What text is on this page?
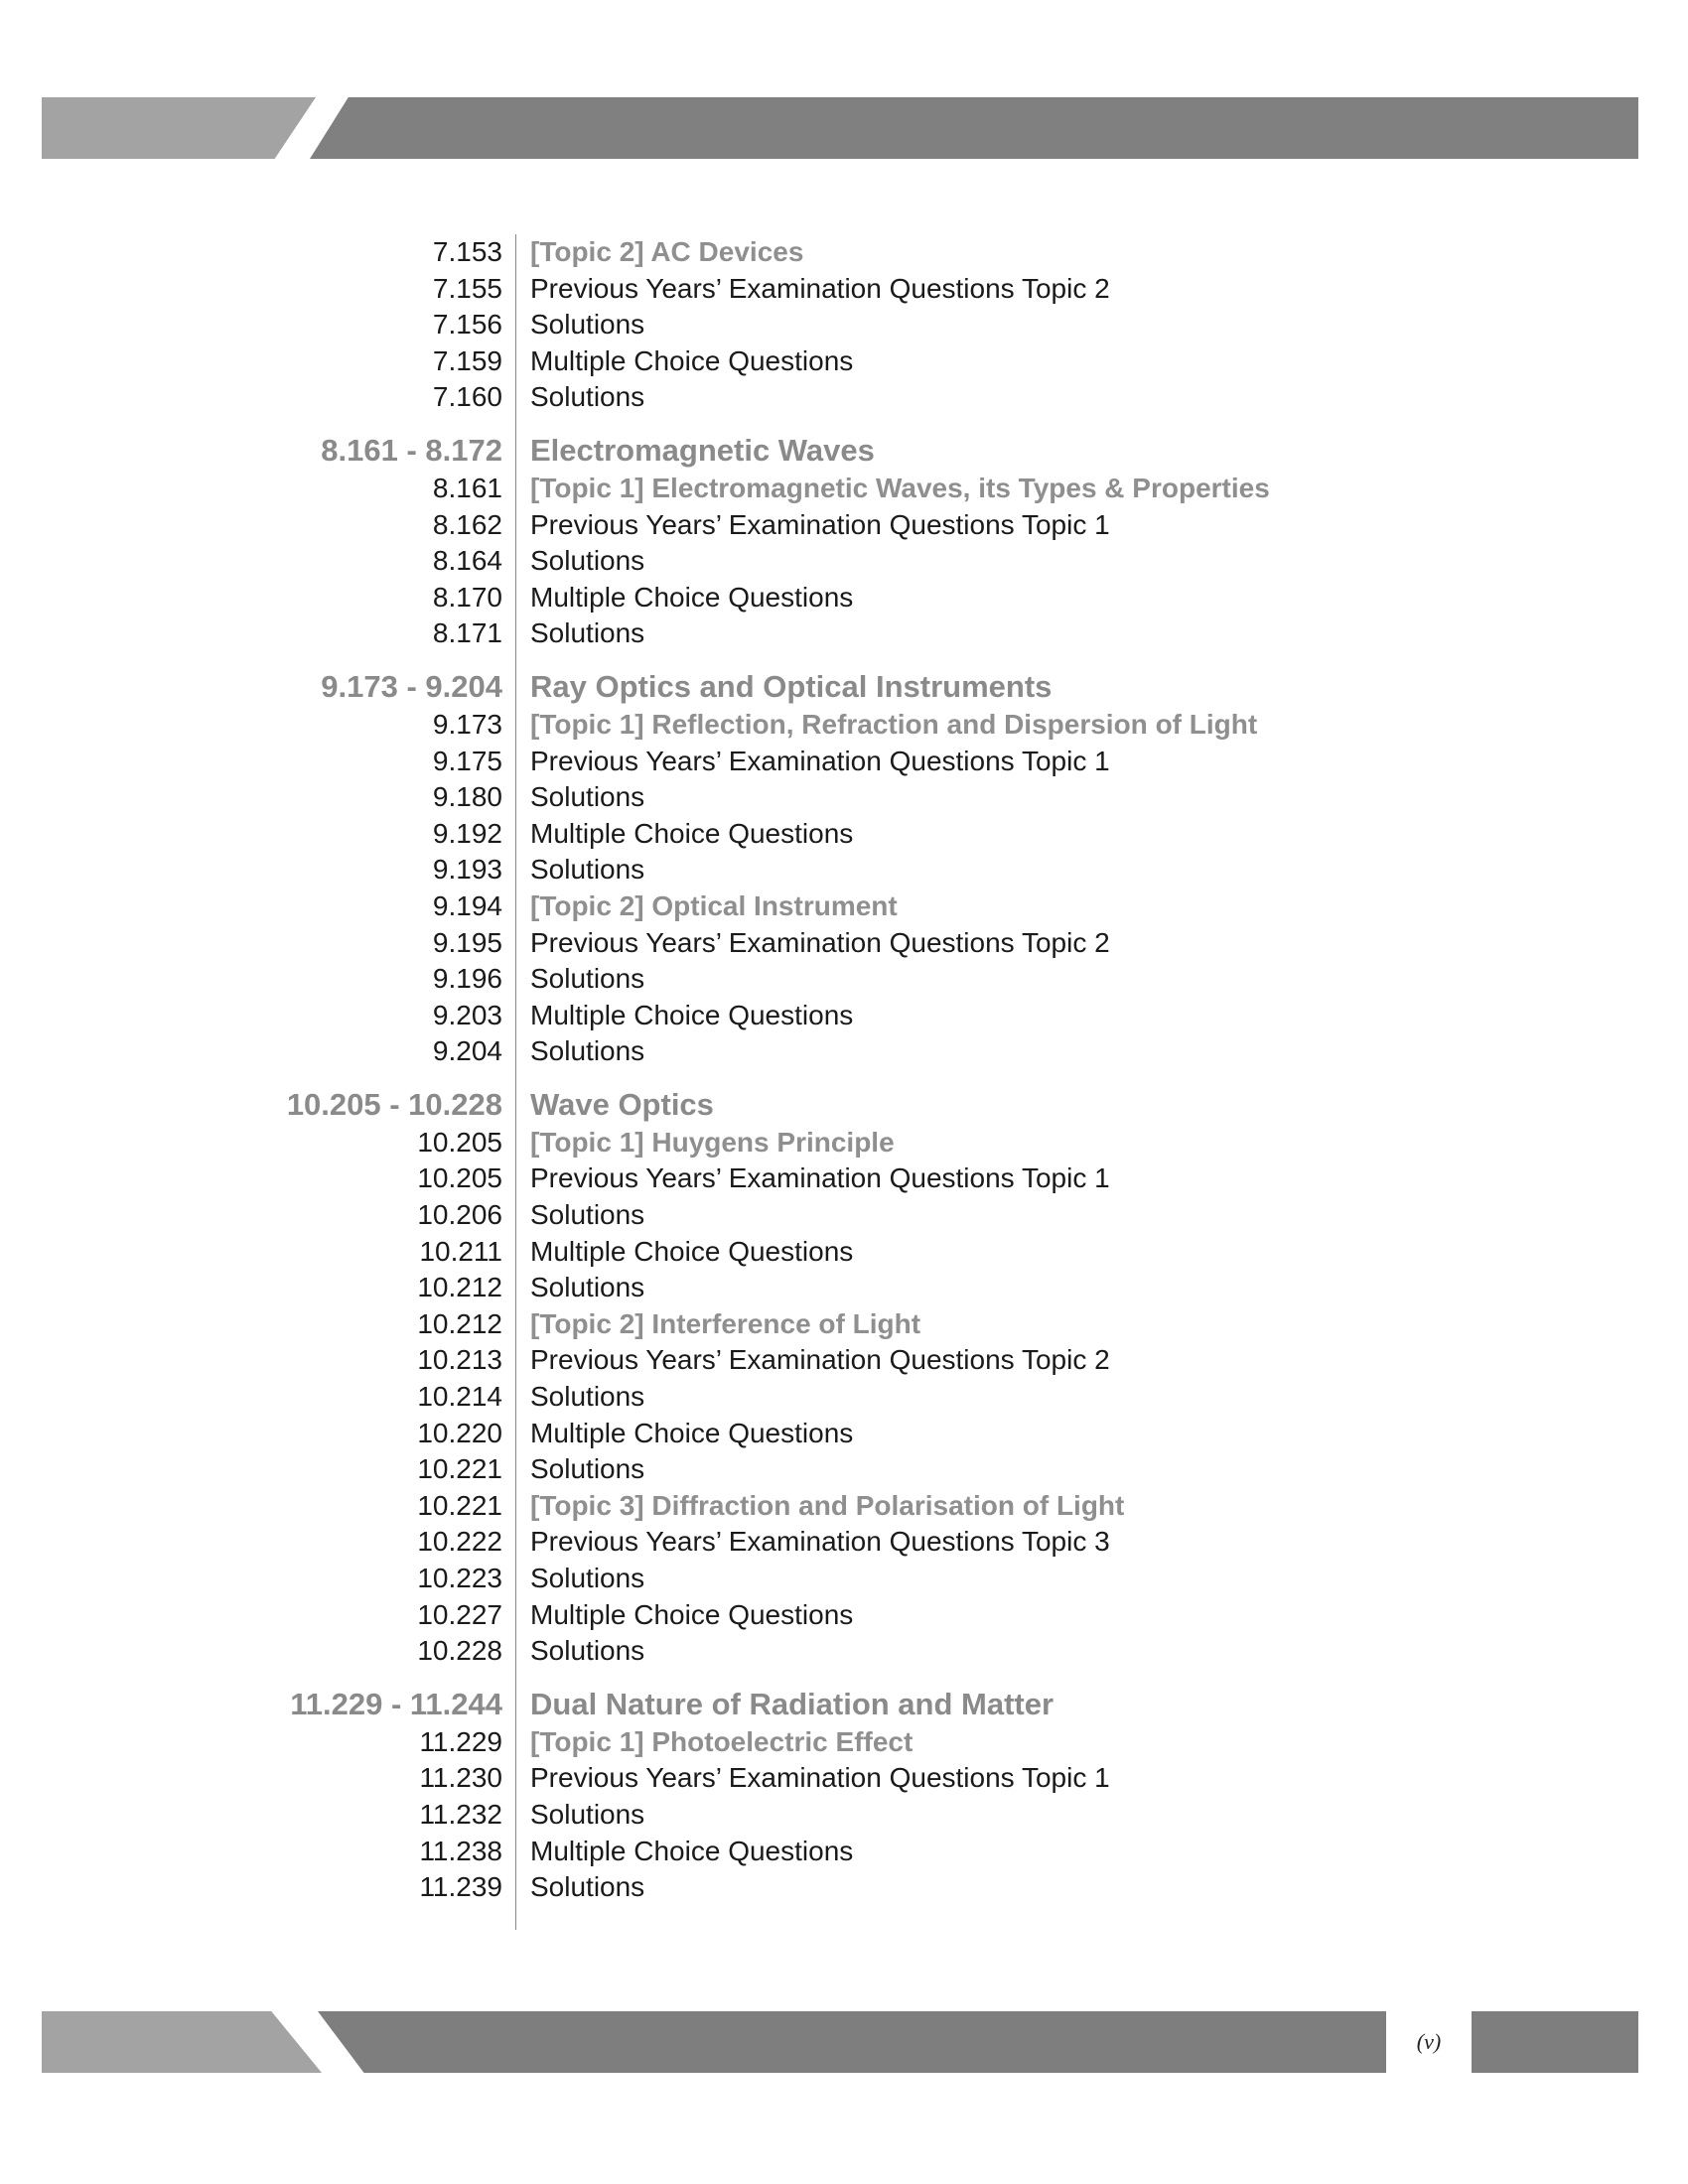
7.153 [Topic 2] AC Devices
7.155 Previous Years’ Examination Questions Topic 2
7.156 Solutions
7.159 Multiple Choice Questions
7.160 Solutions
8.161 - 8.172 Electromagnetic Waves
8.161 [Topic 1] Electromagnetic Waves, its Types & Properties
8.162 Previous Years’ Examination Questions Topic 1
8.164 Solutions
8.170 Multiple Choice Questions
8.171 Solutions
9.173 - 9.204 Ray Optics and Optical Instruments
9.173 [Topic 1] Reflection, Refraction and Dispersion of Light
9.175 Previous Years’ Examination Questions Topic 1
9.180 Solutions
9.192 Multiple Choice Questions
9.193 Solutions
9.194 [Topic 2] Optical Instrument
9.195 Previous Years’ Examination Questions Topic 2
9.196 Solutions
9.203 Multiple Choice Questions
9.204 Solutions
10.205 - 10.228 Wave Optics
10.205 [Topic 1] Huygens Principle
10.205 Previous Years’ Examination Questions Topic 1
10.206 Solutions
10.211 Multiple Choice Questions
10.212 Solutions
10.212 [Topic 2] Interference of Light
10.213 Previous Years’ Examination Questions Topic 2
10.214 Solutions
10.220 Multiple Choice Questions
10.221 Solutions
10.221 [Topic 3] Diffraction and Polarisation of Light
10.222 Previous Years’ Examination Questions Topic 3
10.223 Solutions
10.227 Multiple Choice Questions
10.228 Solutions
11.229 - 11.244 Dual Nature of Radiation and Matter
11.229 [Topic 1] Photoelectric Effect
11.230 Previous Years’ Examination Questions Topic 1
11.232 Solutions
11.238 Multiple Choice Questions
11.239 Solutions
(v)
